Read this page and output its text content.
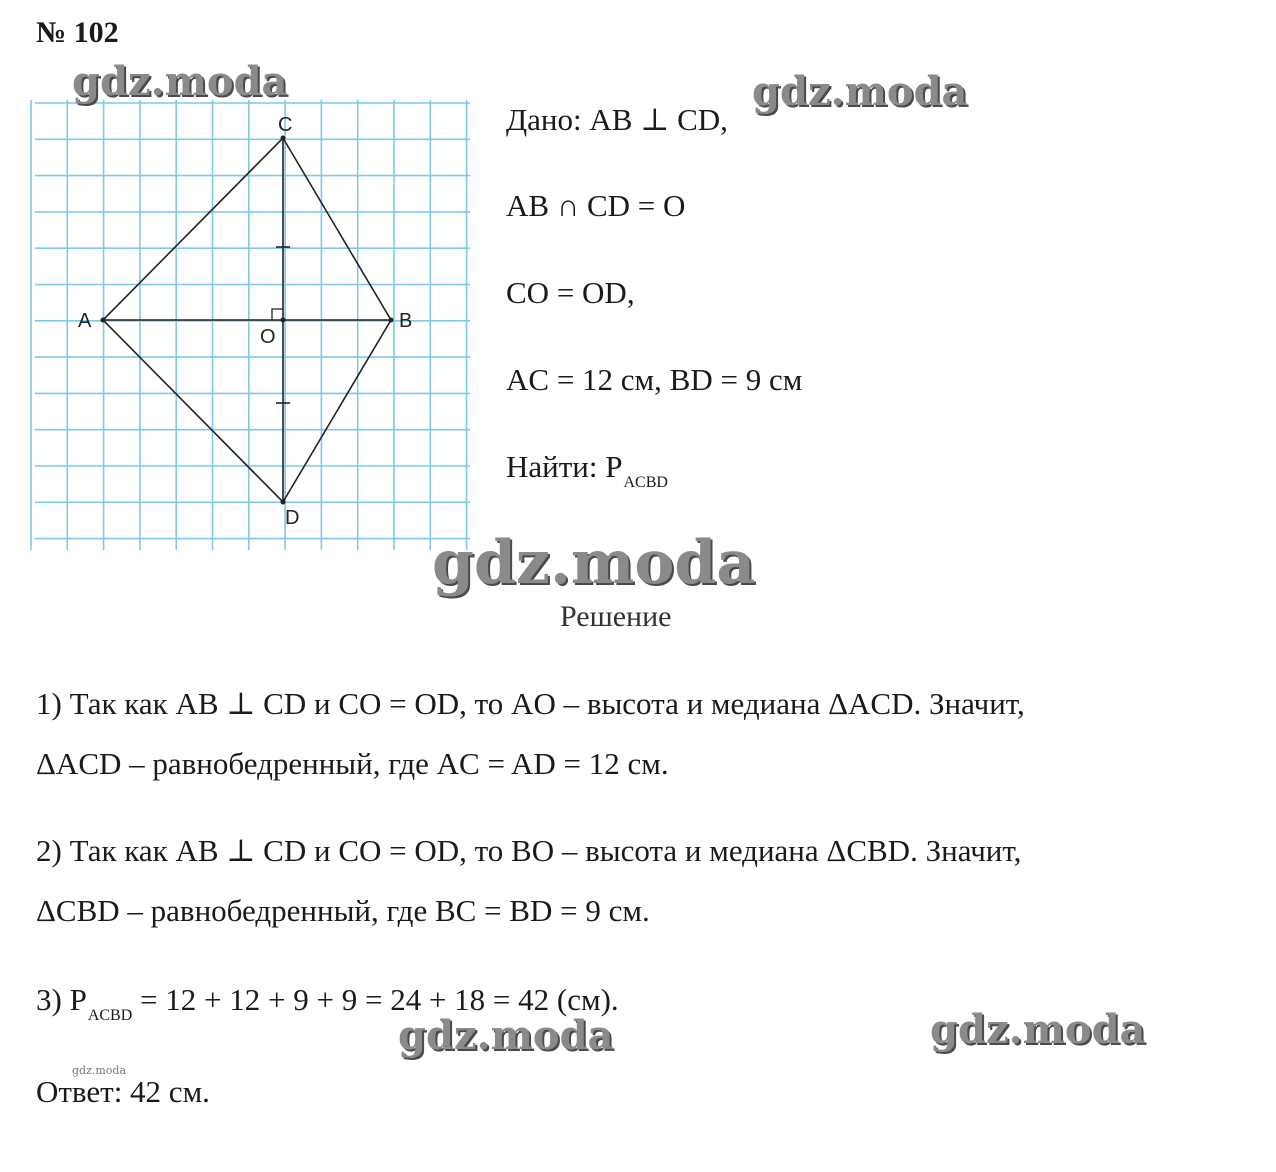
№ 102
C
A	B
O
D
Дано: AB ⊥ CD,
AB ∩ CD = O
CO = OD,
AC = 12 см, BD = 9 см
Найти: $P_{ACBD}$
Решение
1) Так как AB ⊥ CD и CO = OD, то AO – высота и медиана ΔACD. Значит,
ΔACD – равнобедренный, где AC = AD = 12 см.
2) Так как AB ⊥ CD и CO = OD, то BO – высота и медиана ΔCBD. Значит,
ΔCBD – равнобедренный, где BC = BD = 9 см.
3) $P_{ACBD} = 12 + 12 + 9 + 9 = 24 + 18 = 42$ (см).
Ответ: 42 см.
gdz.moda	gdz.moda
gdz.moda
gdz.moda	gdz.moda
gdz.moda
